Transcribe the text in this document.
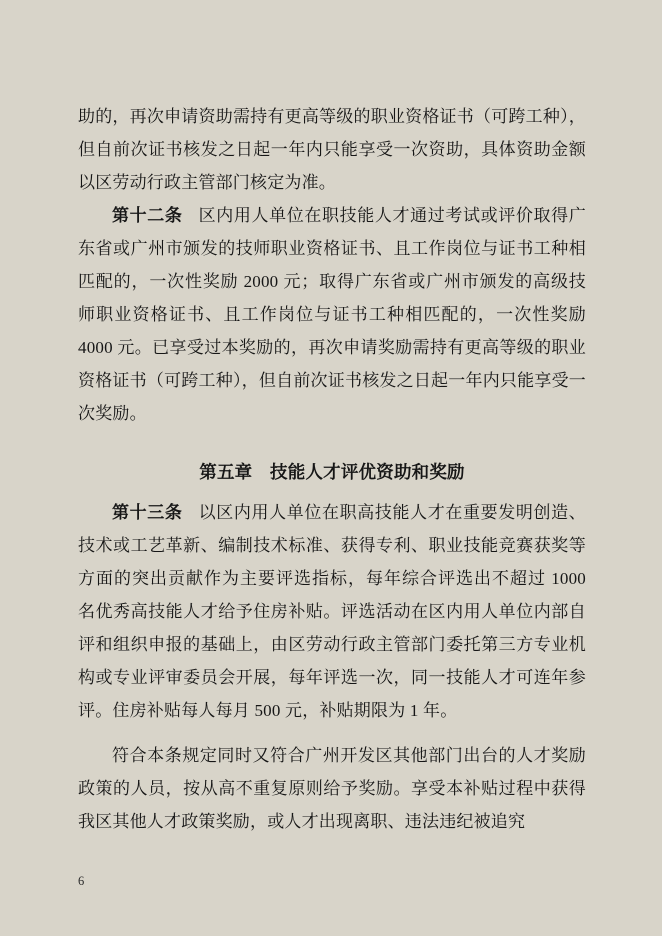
助的，再次申请资助需持有更高等级的职业资格证书（可跨工种），但自前次证书核发之日起一年内只能享受一次资助，具体资助金额以区劳动行政主管部门核定为准。

第十二条 区内用人单位在职技能人才通过考试或评价取得广东省或广州市颁发的技师职业资格证书、且工作岗位与证书工种相匹配的，一次性奖励 2000 元；取得广东省或广州市颁发的高级技师职业资格证书、且工作岗位与证书工种相匹配的，一次性奖励 4000 元。已享受过本奖励的，再次申请奖励需持有更高等级的职业资格证书（可跨工种），但自前次证书核发之日起一年内只能享受一次奖励。

第五章　技能人才评优资助和奖励

第十三条 以区内用人单位在职高技能人才在重要发明创造、技术或工艺革新、编制技术标准、获得专利、职业技能竞赛获奖等方面的突出贡献作为主要评选指标，每年综合评选出不超过 1000 名优秀高技能人才给予住房补贴。评选活动在区内用人单位内部自评和组织申报的基础上，由区劳动行政主管部门委托第三方专业机构或专业评审委员会开展，每年评选一次，同一技能人才可连年参评。住房补贴每人每月 500 元，补贴期限为 1 年。

符合本条规定同时又符合广州开发区其他部门出台的人才奖励政策的人员，按从高不重复原则给予奖励。享受本补贴过程中获得我区其他人才政策奖励，或人才出现离职、违法违纪被追究

6
